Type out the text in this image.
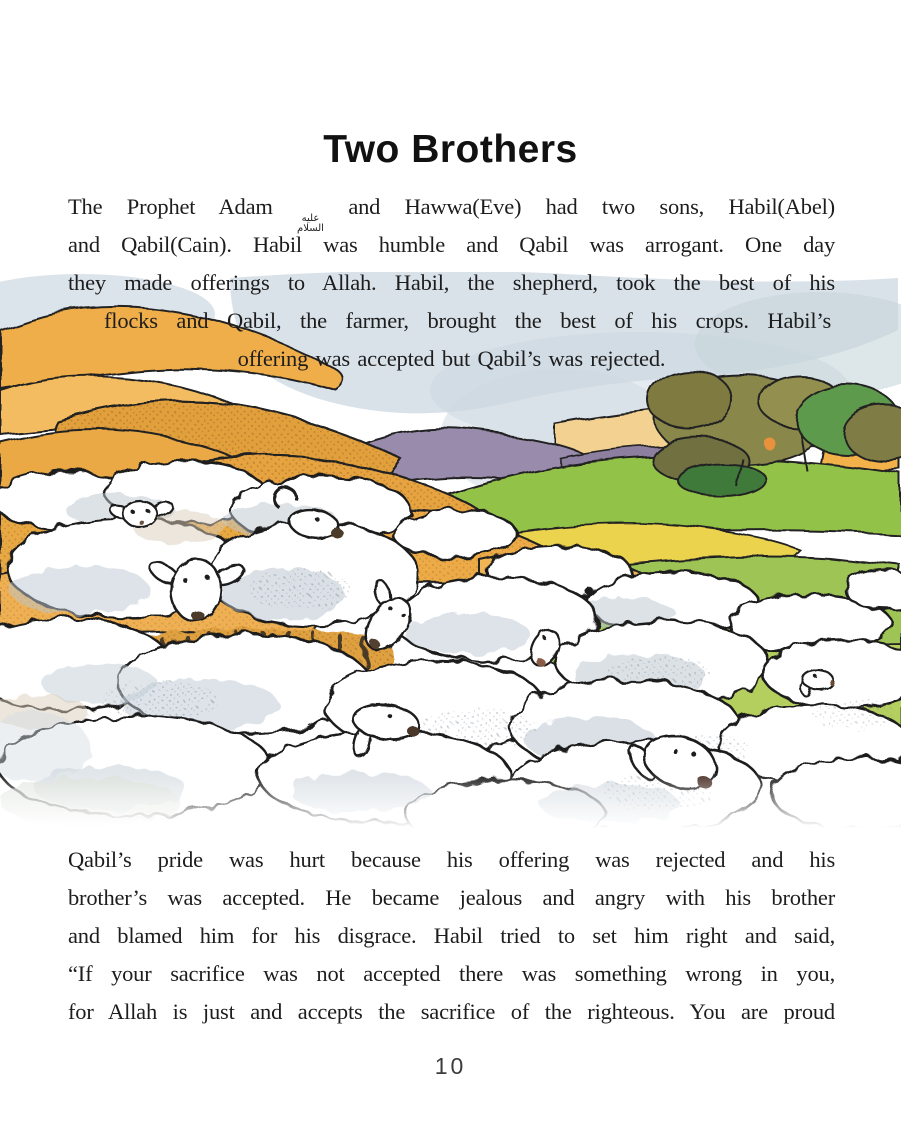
Two Brothers
The Prophet Adam	عليه
السلام
and Hawwa(Eve) had two sons, Habil(Abel)
and Qabil(Cain). Habil was humble and Qabil was arrogant. One day
they made offerings to Allah. Habil, the shepherd, took the best of his
flocks and Qabil, the farmer, brought the best of his crops. Habil’s
offering was accepted but Qabil’s was rejected.
Qabil’s pride was hurt because his offering was rejected and his
brother’s was accepted. He became jealous and angry with his brother
and blamed him for his disgrace. Habil tried to set him right and said,
“If your sacrifice was not accepted there was something wrong in you,
for Allah is just and accepts the sacrifice of the righteous. You are proud
10
